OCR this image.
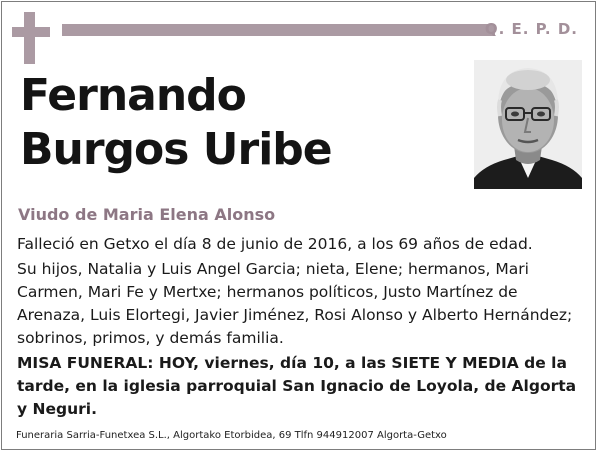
Q. E. P. D.
Fernando
Burgos Uribe
Viudo de Maria Elena Alonso

Falleció en Getxo el día 8 de junio de 2016, a los 69 años de edad.

Su hijos, Natalia y Luis Angel Garcia; nieta, Elene; hermanos, Mari Carmen, Mari Fe y Mertxe; hermanos políticos, Justo Martínez de Arenaza, Luis Elortegi, Javier Jiménez, Rosi Alonso y Alberto Hernández; sobrinos, primos, y demás familia.

MISA FUNERAL: HOY, viernes, día 10, a las SIETE Y MEDIA de la tarde, en la iglesia parroquial San Ignacio de Loyola, de Algorta y Neguri.

Funeraria Sarria-Funetxea S.L., Algortako Etorbidea, 69 Tlfn 944912007 Algorta-Getxo
